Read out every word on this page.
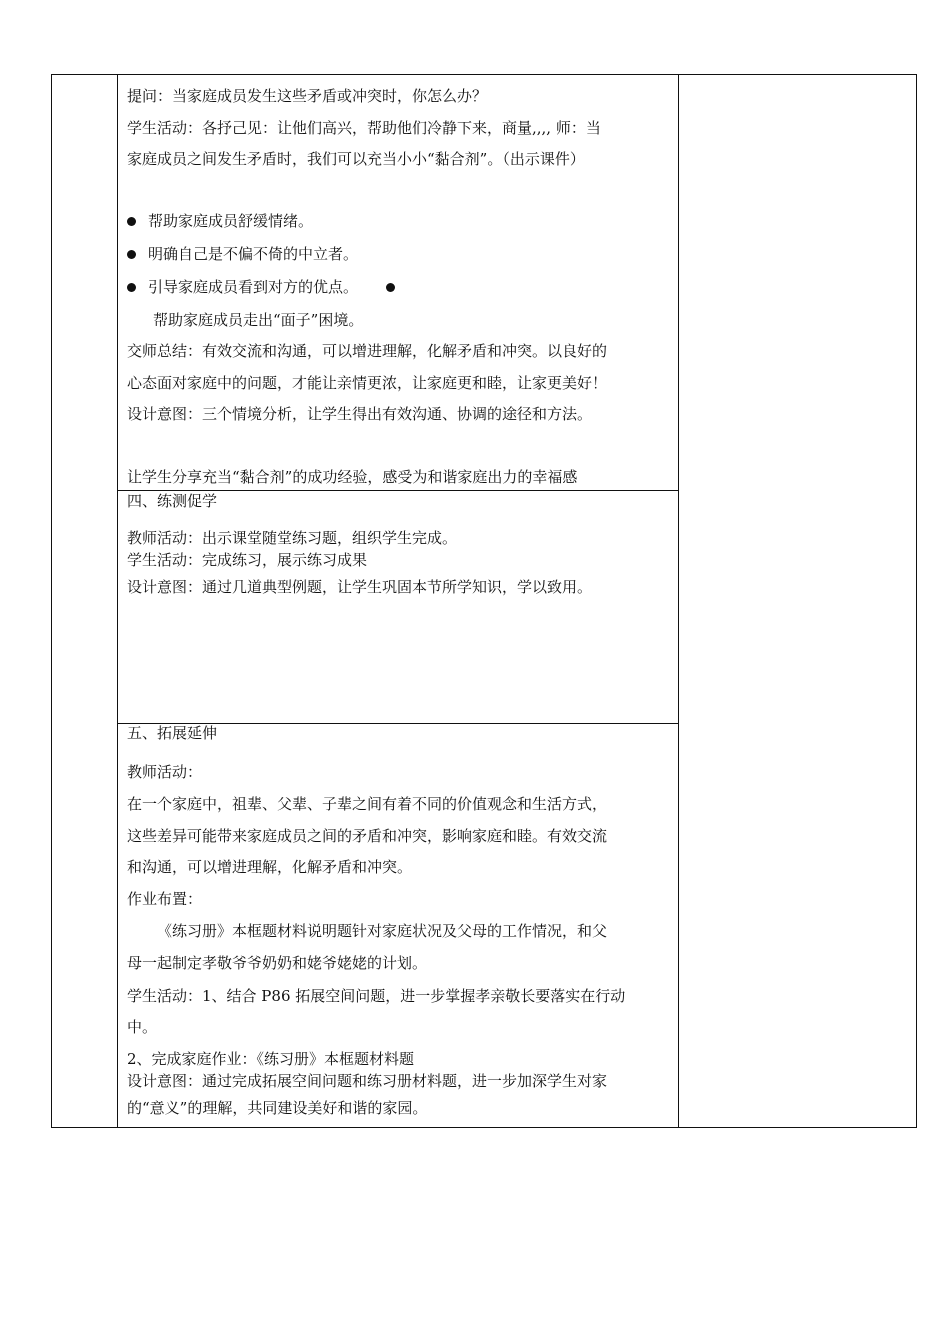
提问：当家庭成员发生这些矛盾或冲突时，你怎么办？
学生活动：各抒己见：让他们高兴，帮助他们冷静下来，商量,,,, 师：当
家庭成员之间发生矛盾时，我们可以充当小小“黏合剂”。（出示课件）
帮助家庭成员舒缓情绪。
明确自己是不偏不倚的中立者。
引导家庭成员看到对方的优点。
帮助家庭成员走出“面子”困境。
交师总结：有效交流和沟通，可以增进理解，化解矛盾和冲突。以良好的
心态面对家庭中的问题，才能让亲情更浓，让家庭更和睦，让家更美好！
设计意图：三个情境分析，让学生得出有效沟通、协调的途径和方法。
让学生分享充当“黏合剂”的成功经验，感受为和谐家庭出力的幸福感
四、练测促学
教师活动：出示课堂随堂练习题，组织学生完成。
学生活动：完成练习，展示练习成果
设计意图：通过几道典型例题，让学生巩固本节所学知识，学以致用。
五、拓展延伸
教师活动：
在一个家庭中，祖辈、父辈、子辈之间有着不同的价值观念和生活方式，
这些差异可能带来家庭成员之间的矛盾和冲突，影响家庭和睦。有效交流
和沟通，可以增进理解，化解矛盾和冲突。
作业布置：
《练习册》本框题材料说明题针对家庭状况及父母的工作情况，和父
母一起制定孝敬爷爷奶奶和姥爷姥姥的计划。
学生活动：1、结合 P86 拓展空间问题，进一步掌握孝亲敬长要落实在行动
中。
2、完成家庭作业：《练习册》本框题材料题
设计意图：通过完成拓展空间问题和练习册材料题，进一步加深学生对家
的“意义”的理解，共同建设美好和谐的家园。
